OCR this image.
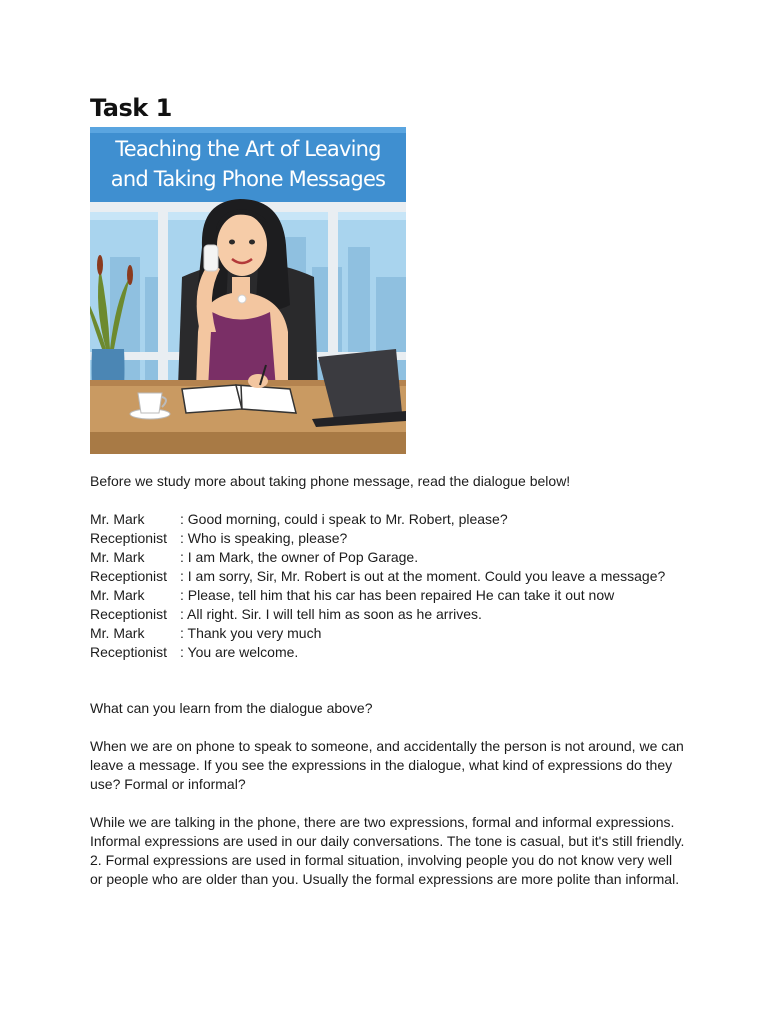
Task 1
Teaching the Art of Leaving
and Taking Phone Messages

Before we study more about taking phone message, read the dialogue below!

Mr. Mark	: Good morning, could i speak to Mr. Robert, please?
Receptionist : Who is speaking, please?
Mr. Mark	: I am Mark, the owner of Pop Garage.
Receptionist : I am sorry, Sir, Mr. Robert is out at the moment. Could you leave a message?
Mr. Mark	: Please, tell him that his car has been repaired He can take it out now
Receptionist : All right. Sir. I will tell him as soon as he arrives.
Mr. Mark	: Thank you very much
Receptionist : You are welcome.

What can you learn from the dialogue above?

When we are on phone to speak to someone, and accidentally the person is not around, we can leave a message. If you see the expressions in the dialogue, what kind of expressions do they use? Formal or informal?

While we are talking in the phone, there are two expressions, formal and informal expressions. Informal expressions are used in our daily conversations. The tone is casual, but it's still friendly. 2. Formal expressions are used in formal situation, involving people you do not know very well or people who are older than you. Usually the formal expressions are more polite than informal.
